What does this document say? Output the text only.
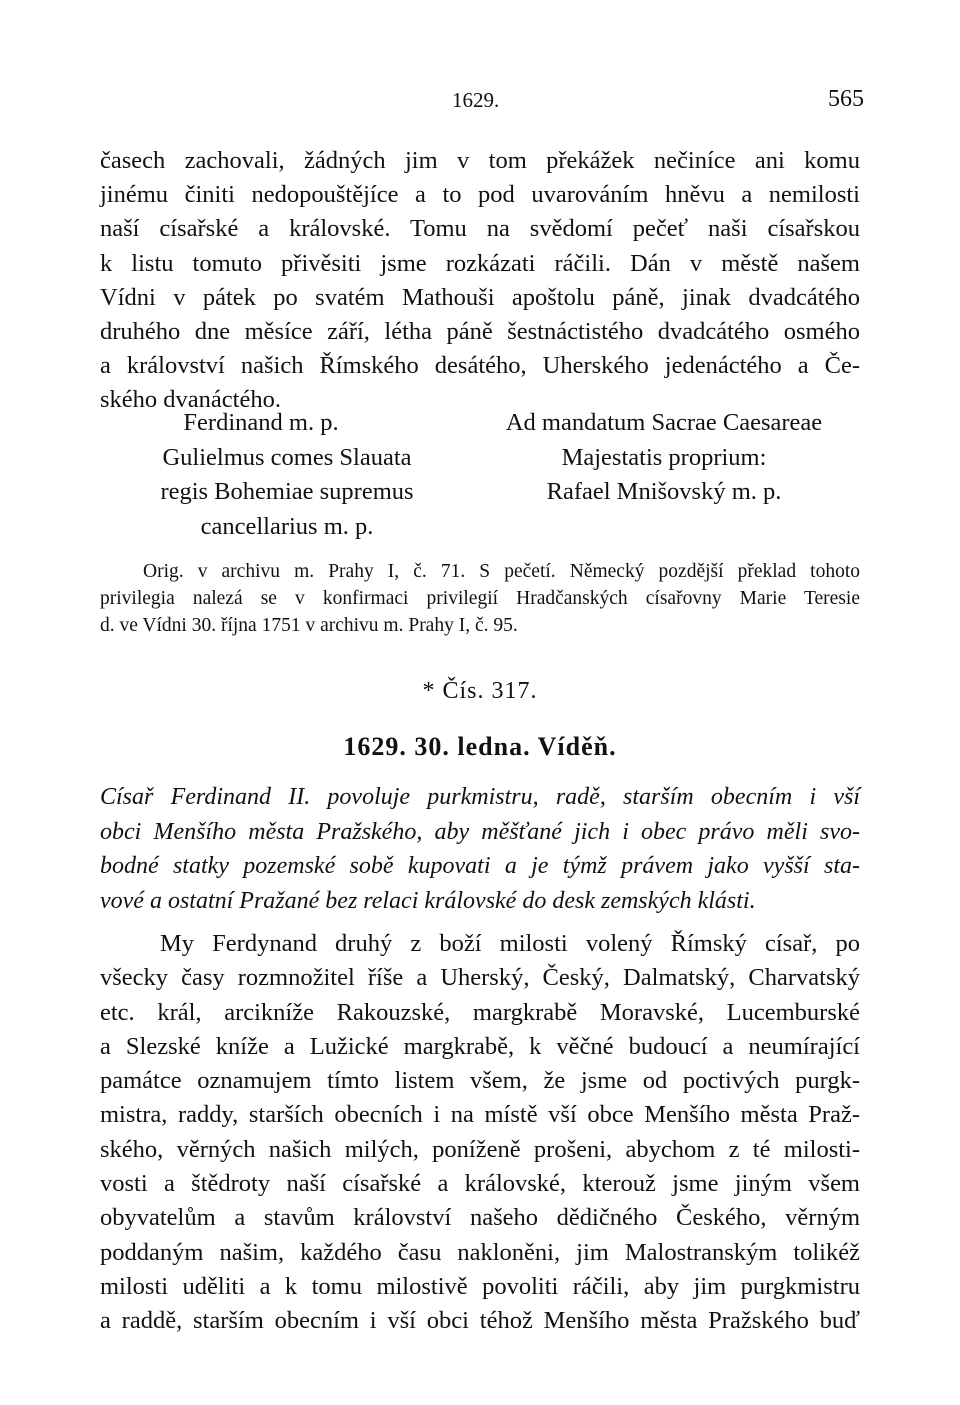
1629.	565
časech zachovali, žádných jim v tom překážek nečiníce ani komu
jinému činiti nedopouštějíce a to pod uvarováním hněvu a nemilosti
naší císařské a královské. Tomu na svědomí pečeť naši císařskou
k listu tomuto přivěsiti jsme rozkázati ráčili. Dán v městě našem
Vídni v pátek po svatém Mathouši apoštolu páně, jinak dvadcátého
druhého dne měsíce září, létha páně šestnáctistého dvadcátého osmého
a království našich Římského desátého, Uherského jedenáctého a Če-
ského dvanáctého.
Ferdinand m. p.
Gulielmus comes Slauata
regis Bohemiae supremus
cancellarius m. p.
Ad mandatum Sacrae Caesareae
Majestatis proprium:
Rafael Mnišovský m. p.
Orig. v archivu m. Prahy I, č. 71. S pečetí. Německý pozdější překlad tohoto
privilegia nalezá se v konfirmaci privilegií Hradčanských císařovny Marie Teresie
d. ve Vídni 30. října 1751 v archivu m. Prahy I, č. 95.
* Čís. 317.
1629. 30. ledna. Víděň.
Císař Ferdinand II. povoluje purkmistru, radě, starším obecním i vší
obci Menšího města Pražského, aby měšťané jich i obec právo měli svo-
bodné statky pozemské sobě kupovati a je týmž právem jako vyšší sta-
vové a ostatní Pražané bez relaci královské do desk zemských klásti.
My Ferdynand druhý z boží milosti volený Římský císař, po
všecky časy rozmnožitel říše a Uherský, Český, Dalmatský, Charvatský
etc. král, arcikníže Rakouzské, margkrabě Moravské, Lucemburské
a Slezské kníže a Lužické margkrabě, k věčné budoucí a neumírající
památce oznamujem tímto listem všem, že jsme od poctivých purgk-
mistra, raddy, starších obecních i na místě vší obce Menšího města Praž-
ského, věrných našich milých, poníženě prošeni, abychom z té milosti-
vosti a štědroty naší císařské a královské, kterouž jsme jiným všem
obyvatelům a stavům království našeho dědičného Českého, věrným
poddaným našim, každého času nakloněni, jim Malostranským tolikéž
milosti uděliti a k tomu milostivě povoliti ráčili, aby jim purgkmistru
a raddě, starším obecním i vší obci téhož Menšího města Pražského buď
